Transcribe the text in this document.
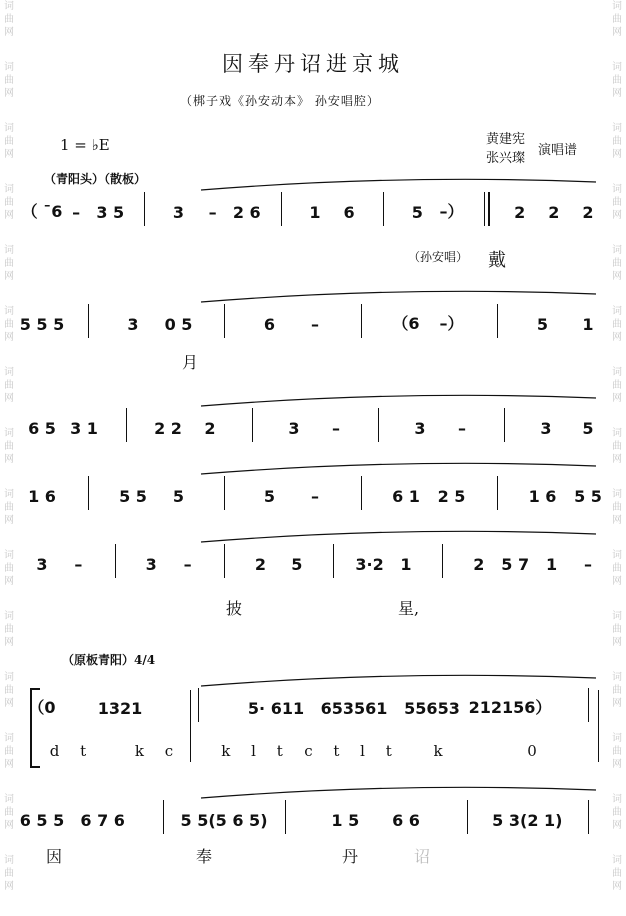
词
曲
网
词
曲
网
词
曲
网
词
曲
网
词
曲
网
词
曲
网
词
曲
网
词
曲
网
词
曲
网
词
曲
网
词
曲
网
词
曲
网
词
曲
网
词
曲
网
词
曲
网
词
曲
网
词
曲
网
词
曲
网
词
曲
网
词
曲
网
词
曲
网
词
曲
网
词
曲
网
词
曲
网
词
曲
网
词
曲
网
词
曲
网
词
曲
网
词
曲
网
词
曲
网
因奉丹诏进京城
（梆子戏《孙安动本》 孙安唱腔）
1 = ♭E	黄建宪
张兴璨
演唱谱
（青阳头）（散板）
（孙安唱）
（原板青阳）4/4
（ ¯6 – 3 5	3 – 2 6	1 6	5 –）	2 2 2
5 5 5	3 0 5	6 –	（6 –）	5 1
6 5 3 1	2 2 2	3 –	3 –	3 5
1 6	5 5 5	5 –	6 1 2 5	1 6 5 5
3 –	3 –	2 5	3·2 1	2 5 7 1 –
（0	1321	5· 611 653561 55653 212156）
6 5 5 6 7 6	5 5(5 6 5)	1 5 6 6	5 3(2 1)
戴
月
披	星,
因	奉	丹	诏
d t	k c	k l t c t l t k	0
